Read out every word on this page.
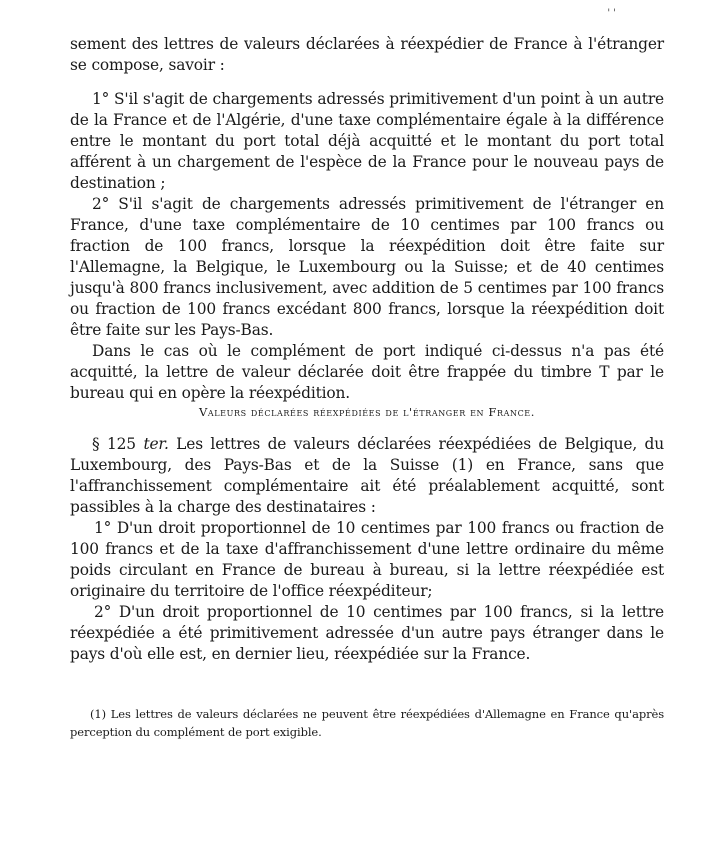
' '

sement des lettres de valeurs déclarées à réexpédier de France à l'étranger se compose, savoir :

1° S'il s'agit de chargements adressés primitivement d'un point à un autre de la France et de l'Algérie, d'une taxe complémentaire égale à la différence entre le montant du port total déjà acquitté et le montant du port total afférent à un chargement de l'espèce de la France pour le nouveau pays de destination ;

2° S'il s'agit de chargements adressés primitivement de l'étranger en France, d'une taxe complémentaire de 10 centimes par 100 francs ou fraction de 100 francs, lorsque la réexpédition doit être faite sur l'Allemagne, la Belgique, le Luxembourg ou la Suisse; et de 40 centimes jusqu'à 800 francs inclusivement, avec addition de 5 centimes par 100 francs ou fraction de 100 francs excédant 800 francs, lorsque la réexpédition doit être faite sur les Pays-Bas.

Dans le cas où le complément de port indiqué ci-dessus n'a pas été acquitté, la lettre de valeur déclarée doit être frappée du timbre T par le bureau qui en opère la réexpédition.

Valeurs déclarées réexpédiées de l'étranger en France.

§ 125 ter. Les lettres de valeurs déclarées réexpédiées de Belgique, du Luxembourg, des Pays-Bas et de la Suisse (1) en France, sans que l'affranchissement complémentaire ait été préalablement acquitté, sont passibles à la charge des destinataires :

1° D'un droit proportionnel de 10 centimes par 100 francs ou fraction de 100 francs et de la taxe d'affranchissement d'une lettre ordinaire du même poids circulant en France de bureau à bureau, si la lettre réexpédiée est originaire du territoire de l'office réexpéditeur;

2° D'un droit proportionnel de 10 centimes par 100 francs, si la lettre réexpédiée a été primitivement adressée d'un autre pays étranger dans le pays d'où elle est, en dernier lieu, réexpédiée sur la France.

(1) Les lettres de valeurs déclarées ne peuvent être réexpédiées d'Allemagne en France qu'après perception du complément de port exigible.
